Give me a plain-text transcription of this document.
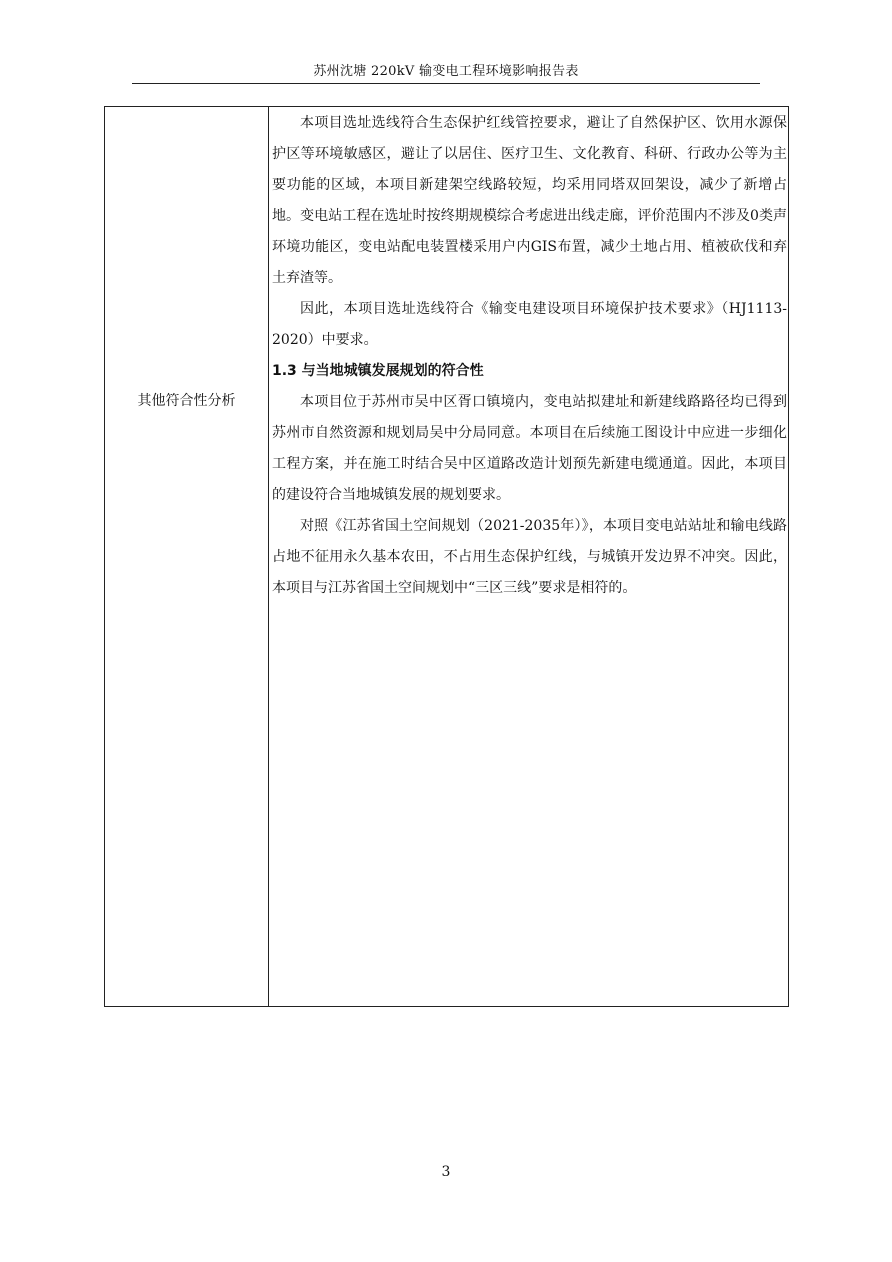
苏州沈塘 220kV 输变电工程环境影响报告表
其他符合性分析

本项目选址选线符合生态保护红线管控要求，避让了自然保护区、饮用水源保护区等环境敏感区，避让了以居住、医疗卫生、文化教育、科研、行政办公等为主要功能的区域，本项目新建架空线路较短，均采用同塔双回架设，减少了新增占地。变电站工程在选址时按终期规模综合考虑进出线走廊，评价范围内不涉及0类声环境功能区，变电站配电装置楼采用户内GIS布置，减少土地占用、植被砍伐和弃土弃渣等。

因此，本项目选址选线符合《输变电建设项目环境保护技术要求》（HJ1113-2020）中要求。

1.3 与当地城镇发展规划的符合性

本项目位于苏州市吴中区胥口镇境内，变电站拟建址和新建线路路径均已得到苏州市自然资源和规划局吴中分局同意。本项目在后续施工图设计中应进一步细化工程方案，并在施工时结合吴中区道路改造计划预先新建电缆通道。因此，本项目的建设符合当地城镇发展的规划要求。

对照《江苏省国土空间规划（2021-2035年）》，本项目变电站站址和输电线路占地不征用永久基本农田，不占用生态保护红线，与城镇开发边界不冲突。因此，本项目与江苏省国土空间规划中“三区三线”要求是相符的。

3
